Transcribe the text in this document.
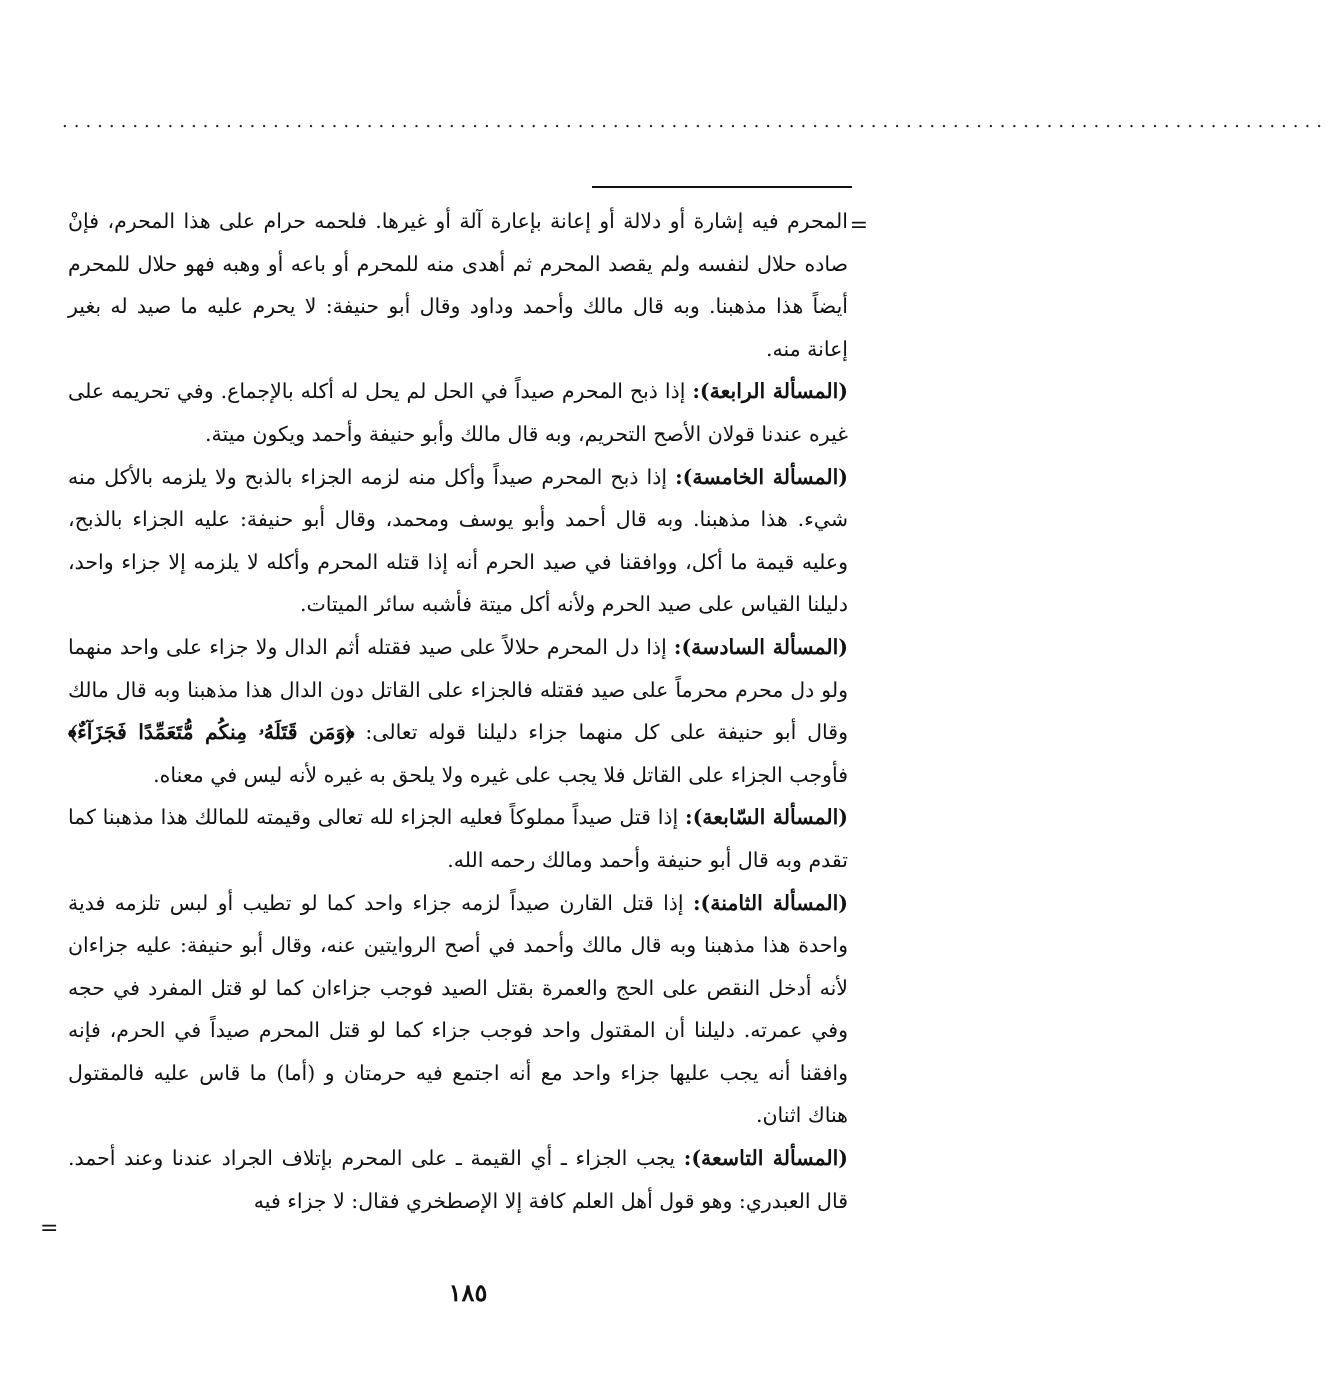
............................................................................................................
=

المحرم فيه إشارة أو دلالة أو إعانة بإعارة آلة أو غيرها. فلحمه حرام على هذا المحرم، فإنْ صاده حلال لنفسه ولم يقصد المحرم ثم أهدى منه للمحرم أو باعه أو وهبه فهو حلال للمحرم أيضاً هذا مذهبنا. وبه قال مالك وأحمد وداود وقال أبو حنيفة: لا يحرم عليه ما صيد له بغير إعانة منه.

(المسألة الرابعة): إذا ذبح المحرم صيداً في الحل لم يحل له أكله بالإجماع. وفي تحريمه على غيره عندنا قولان الأصح التحريم، وبه قال مالك وأبو حنيفة وأحمد ويكون ميتة.

(المسألة الخامسة): إذا ذبح المحرم صيداً وأكل منه لزمه الجزاء بالذبح ولا يلزمه بالأكل منه شيء. هذا مذهبنا. وبه قال أحمد وأبو يوسف ومحمد، وقال أبو حنيفة: عليه الجزاء بالذبح، وعليه قيمة ما أكل، ووافقنا في صيد الحرم أنه إذا قتله المحرم وأكله لا يلزمه إلا جزاء واحد، دليلنا القياس على صيد الحرم ولأنه أكل ميتة فأشبه سائر الميتات.

(المسألة السادسة): إذا دل المحرم حلالاً على صيد فقتله أثم الدال ولا جزاء على واحد منهما ولو دل محرم محرماً على صيد فقتله فالجزاء على القاتل دون الدال هذا مذهبنا وبه قال مالك وقال أبو حنيفة على كل منهما جزاء دليلنا قوله تعالى: ﴿وَمَن قَتَلَهُۥ مِنكُم مُّتَعَمِّدًا فَجَزَآءٌ﴾ فأوجب الجزاء على القاتل فلا يجب على غيره ولا يلحق به غيره لأنه ليس في معناه.

(المسألة السّابعة): إذا قتل صيداً مملوكاً فعليه الجزاء لله تعالى وقيمته للمالك هذا مذهبنا كما تقدم وبه قال أبو حنيفة وأحمد ومالك رحمه الله.

(المسألة الثامنة): إذا قتل القارن صيداً لزمه جزاء واحد كما لو تطيب أو لبس تلزمه فدية واحدة هذا مذهبنا وبه قال مالك وأحمد في أصح الروايتين عنه، وقال أبو حنيفة: عليه جزاءان لأنه أدخل النقص على الحج والعمرة بقتل الصيد فوجب جزاءان كما لو قتل المفرد في حجه وفي عمرته. دليلنا أن المقتول واحد فوجب جزاء كما لو قتل المحرم صيداً في الحرم، فإنه وافقنا أنه يجب عليها جزاء واحد مع أنه اجتمع فيه حرمتان و (أما) ما قاس عليه فالمقتول هناك اثنان.

(المسألة التاسعة): يجب الجزاء ـ أي القيمة ـ على المحرم بإتلاف الجراد عندنا وعند أحمد. قال العبدري: وهو قول أهل العلم كافة إلا الإصطخري فقال: لا جزاء فيه

=
١٨٥
